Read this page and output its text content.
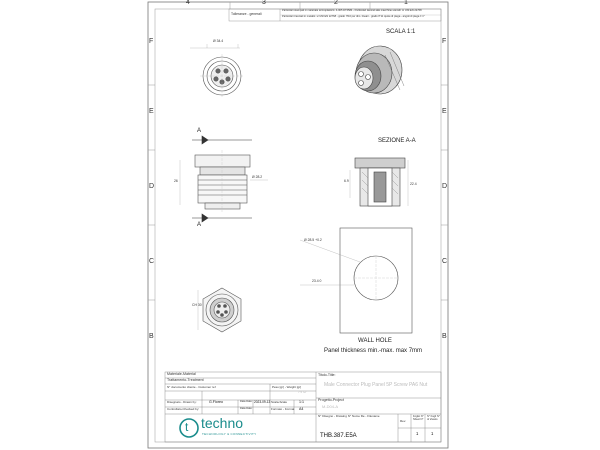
4	3	2	1
F
E
D
C
B
F
E
D
C
B
Tolleranze - generali
Particolari stampati in materiale termoplastico: 4-905 DT6584 - Particolari lavorati alle macchine utensili: s/ UNI EN 22768
Particolari tranciati in metallo: s/ UNI EN 22768 - grado IT10 per dim. lineari - grado IT11 quote di piega - angoli di piega ± 1°
SCALA 1:1
SEZIONE A-A
A
A
WALL HOLE
Panel thickness min.-max. max 7mm
Ø 34.4
Ø 28.2
26
CH 30
Ø 28.5 +0.2
23.4 0
6.9
22.4
Materiale-Material
Trattamento-Treatment
N° documento cliente - Customer ref	Peso [gr] - Weight [gr]
7.5 Gr
Disegnato - Drawn by:	G.Floreo	Data Date: 2023-09-13 Scala-Scale	1:1
Controllato-Checked by:	Data Date:	Formato - Format A4
Titolo-Title:
Male Connector Plug Panel 5P Screw PA6 Nut
Progetto-Project
M-D04-A
N° Disegno - Drawing N° Nome file - Filename
THB.387.E5A
Rev.
Foglio N° Sheet N°
N° Fogli N° of sheets
1	1
t techno
TECHNOLOGY & CONNECTIVITY
